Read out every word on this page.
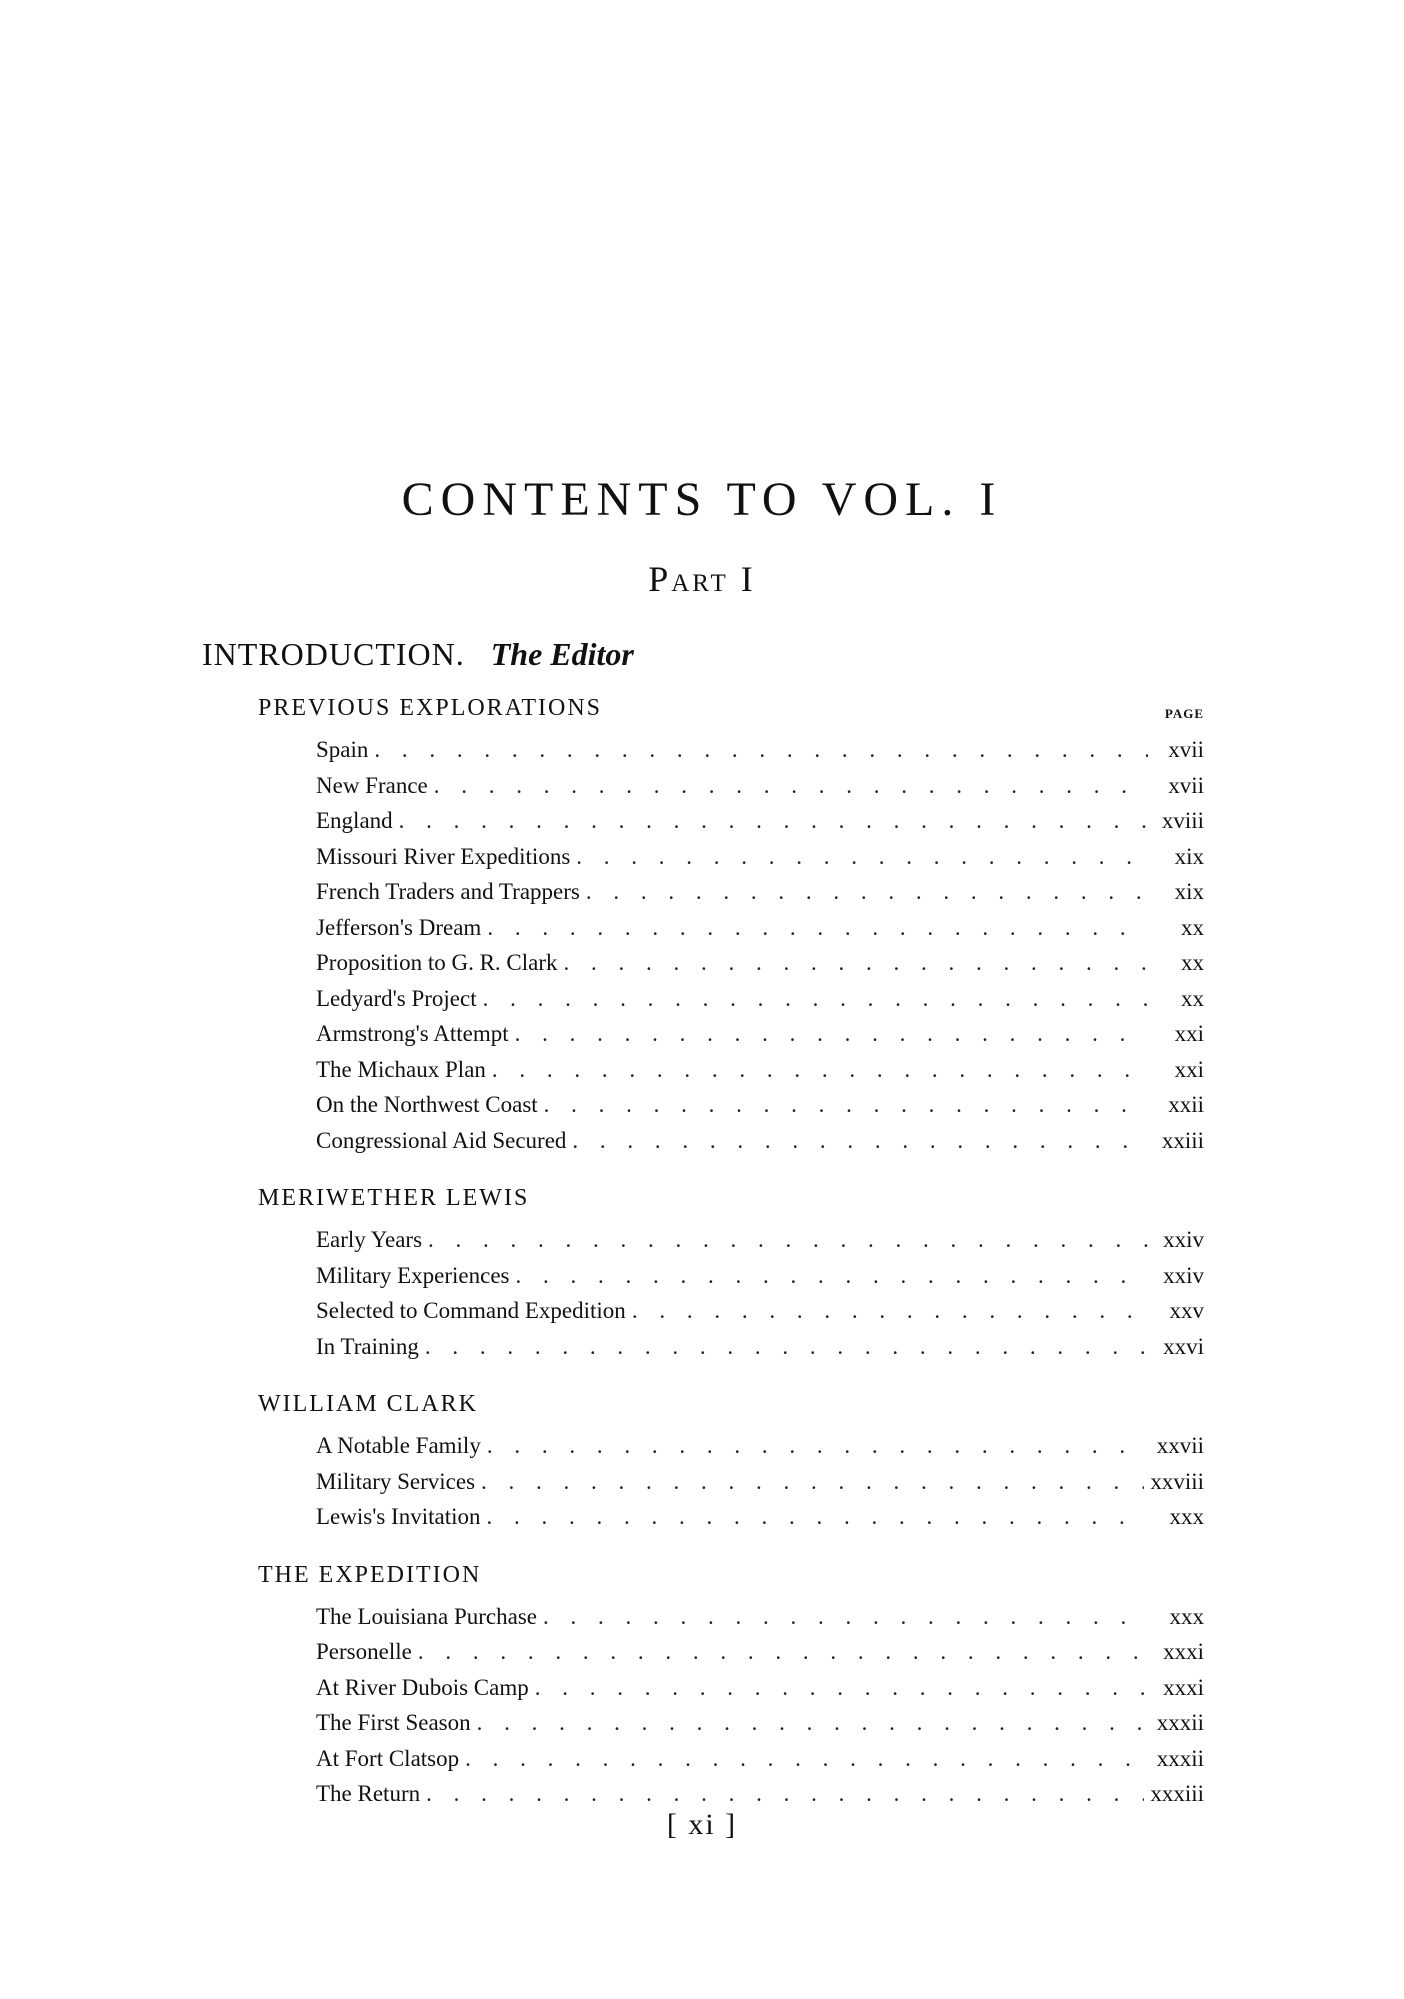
CONTENTS TO VOL. I
Part I
INTRODUCTION. The Editor
PAGE
PREVIOUS EXPLORATIONS
Spain . . .	xvii
New France . . .	xvii
England . . .	xviii
Missouri River Expeditions . . .	xix
French Traders and Trappers . . .	xix
Jefferson's Dream . . .	xx
Proposition to G. R. Clark . . .	xx
Ledyard's Project . . .	xx
Armstrong's Attempt . . .	xxi
The Michaux Plan . . .	xxi
On the Northwest Coast . . .	xxii
Congressional Aid Secured . . .	xxiii
MERIWETHER LEWIS
Early Years . . .	xxiv
Military Experiences . . .	xxiv
Selected to Command Expedition . . .	xxv
In Training . . .	xxvi
WILLIAM CLARK
A Notable Family . . .	xxvii
Military Services . . .	xxviii
Lewis's Invitation . . .	xxx
THE EXPEDITION
The Louisiana Purchase . . .	xxx
Personelle . . .	xxxi
At River Dubois Camp . . .	xxxi
The First Season . . .	xxxii
At Fort Clatsop . . .	xxxii
The Return . . .	xxxiii
[ xi ]
